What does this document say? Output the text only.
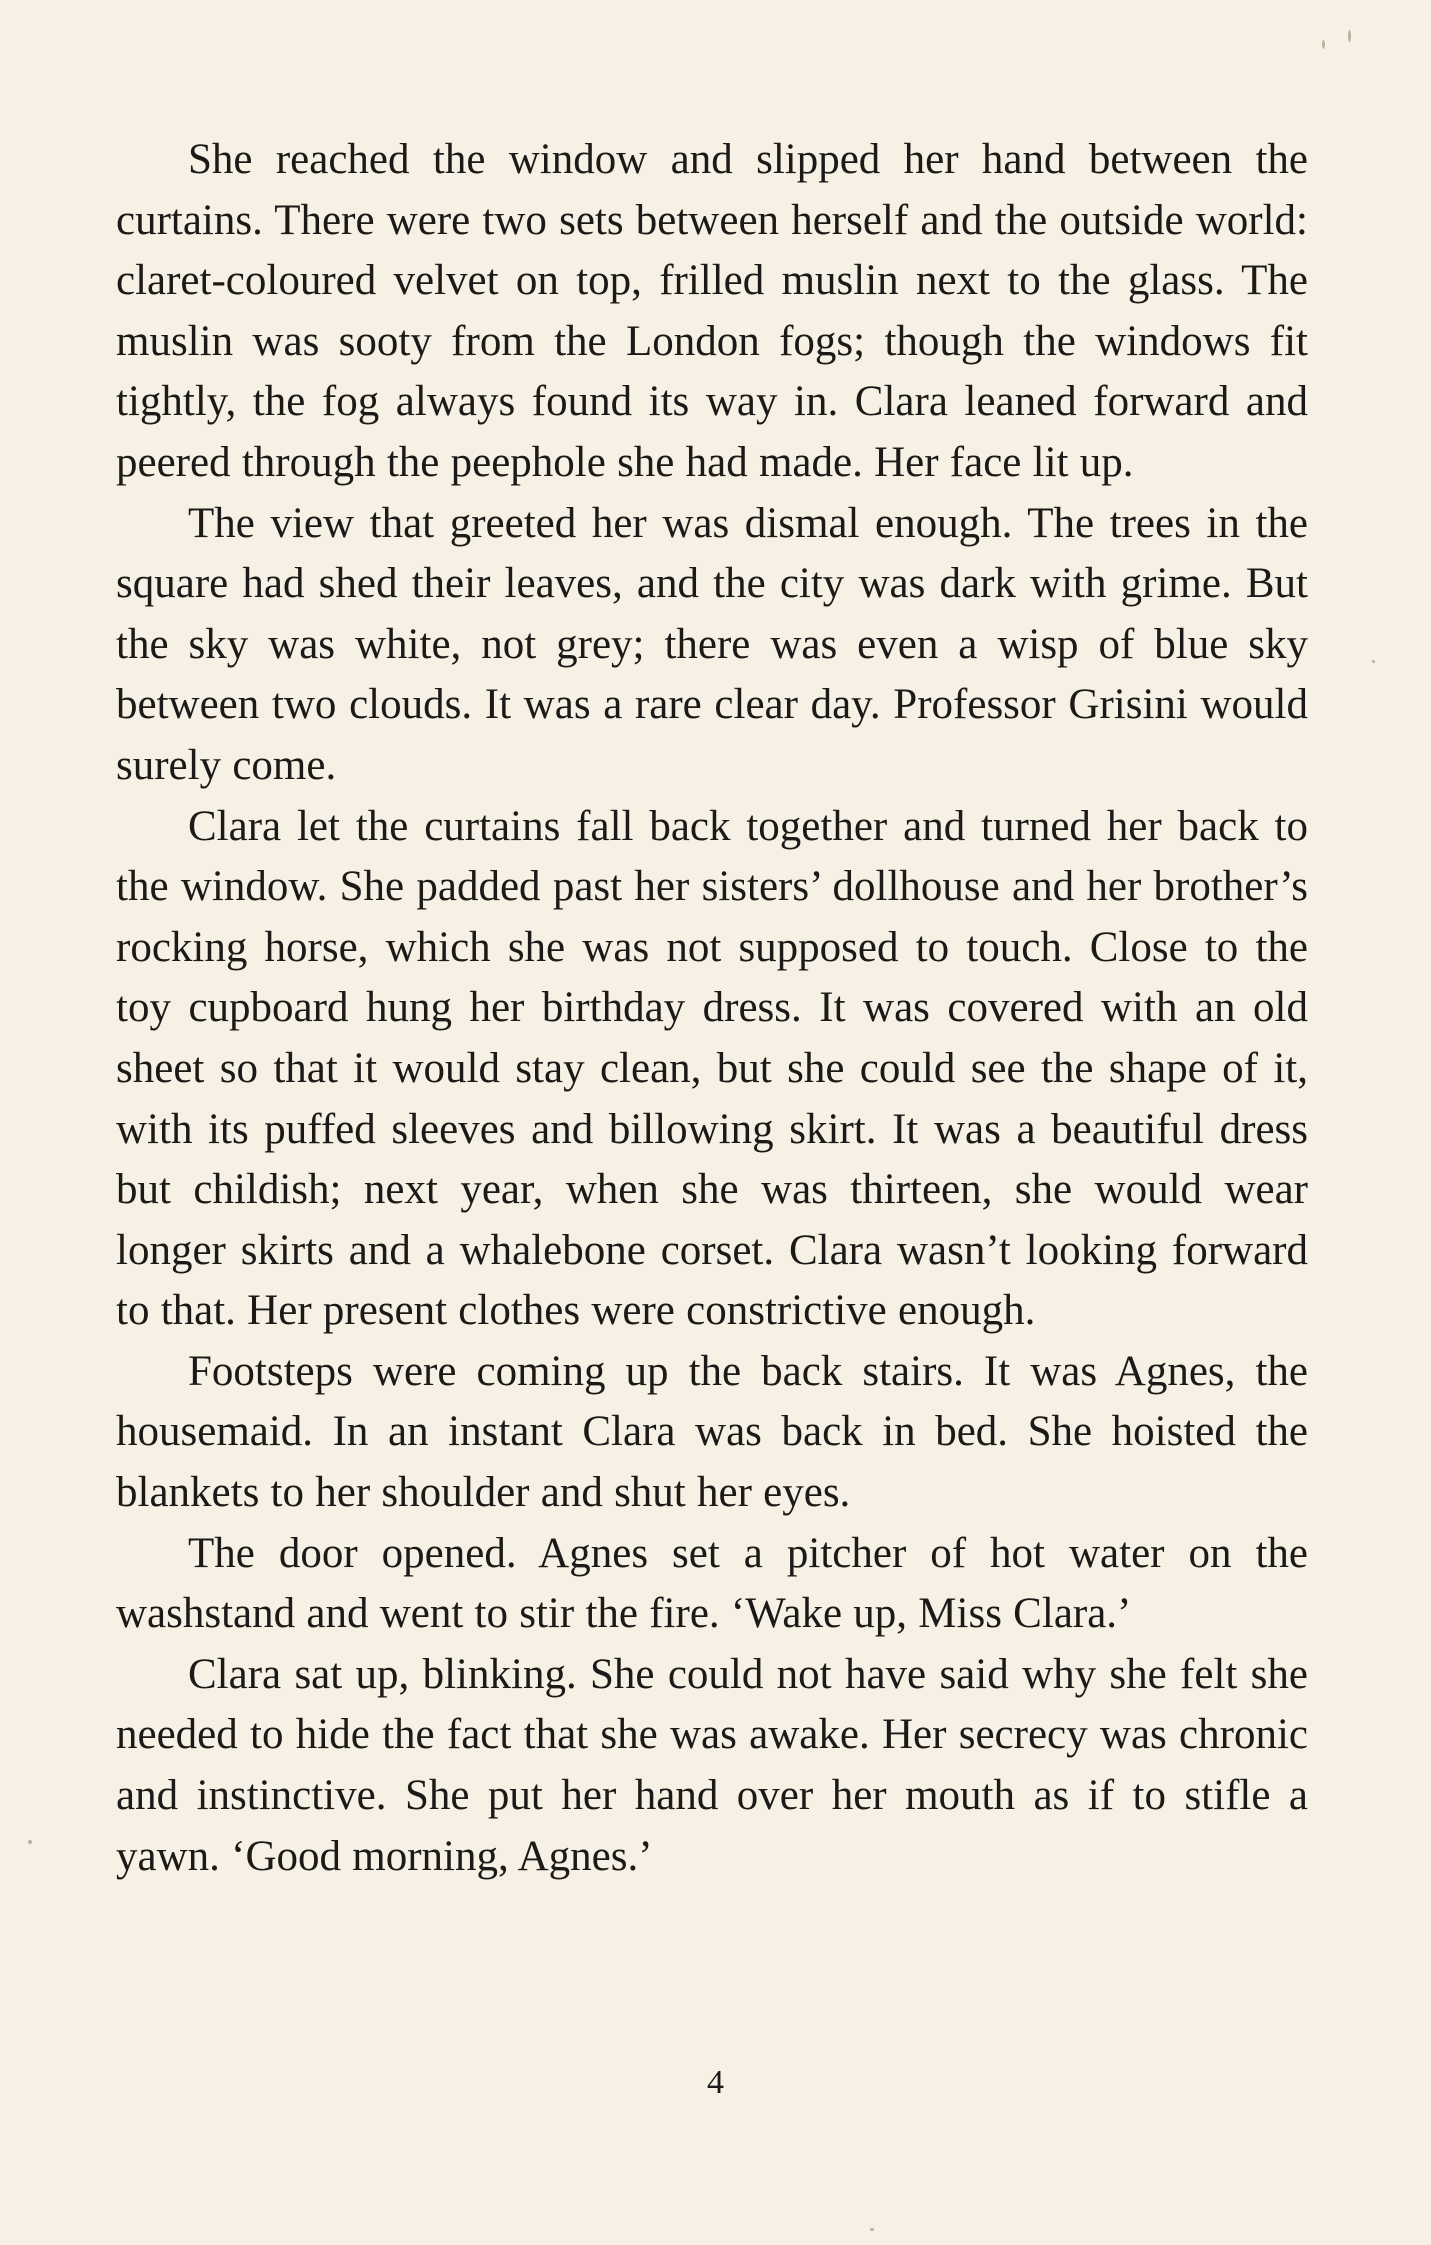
She reached the window and slipped her hand between the curtains. There were two sets between herself and the outside world: claret-coloured velvet on top, frilled muslin next to the glass. The muslin was sooty from the London fogs; though the windows fit tightly, the fog always found its way in. Clara leaned forward and peered through the peephole she had made. Her face lit up.

The view that greeted her was dismal enough. The trees in the square had shed their leaves, and the city was dark with grime. But the sky was white, not grey; there was even a wisp of blue sky between two clouds. It was a rare clear day. Professor Grisini would surely come.

Clara let the curtains fall back together and turned her back to the window. She padded past her sisters’ dollhouse and her brother’s rocking horse, which she was not supposed to touch. Close to the toy cupboard hung her birthday dress. It was covered with an old sheet so that it would stay clean, but she could see the shape of it, with its puffed sleeves and billowing skirt. It was a beautiful dress but childish; next year, when she was thirteen, she would wear longer skirts and a whalebone corset. Clara wasn’t looking forward to that. Her present clothes were constrictive enough.

Footsteps were coming up the back stairs. It was Agnes, the housemaid. In an instant Clara was back in bed. She hoisted the blankets to her shoulder and shut her eyes.

The door opened. Agnes set a pitcher of hot water on the washstand and went to stir the fire. ‘Wake up, Miss Clara.’

Clara sat up, blinking. She could not have said why she felt she needed to hide the fact that she was awake. Her secrecy was chronic and instinctive. She put her hand over her mouth as if to stifle a yawn. ‘Good morning, Agnes.’

4
